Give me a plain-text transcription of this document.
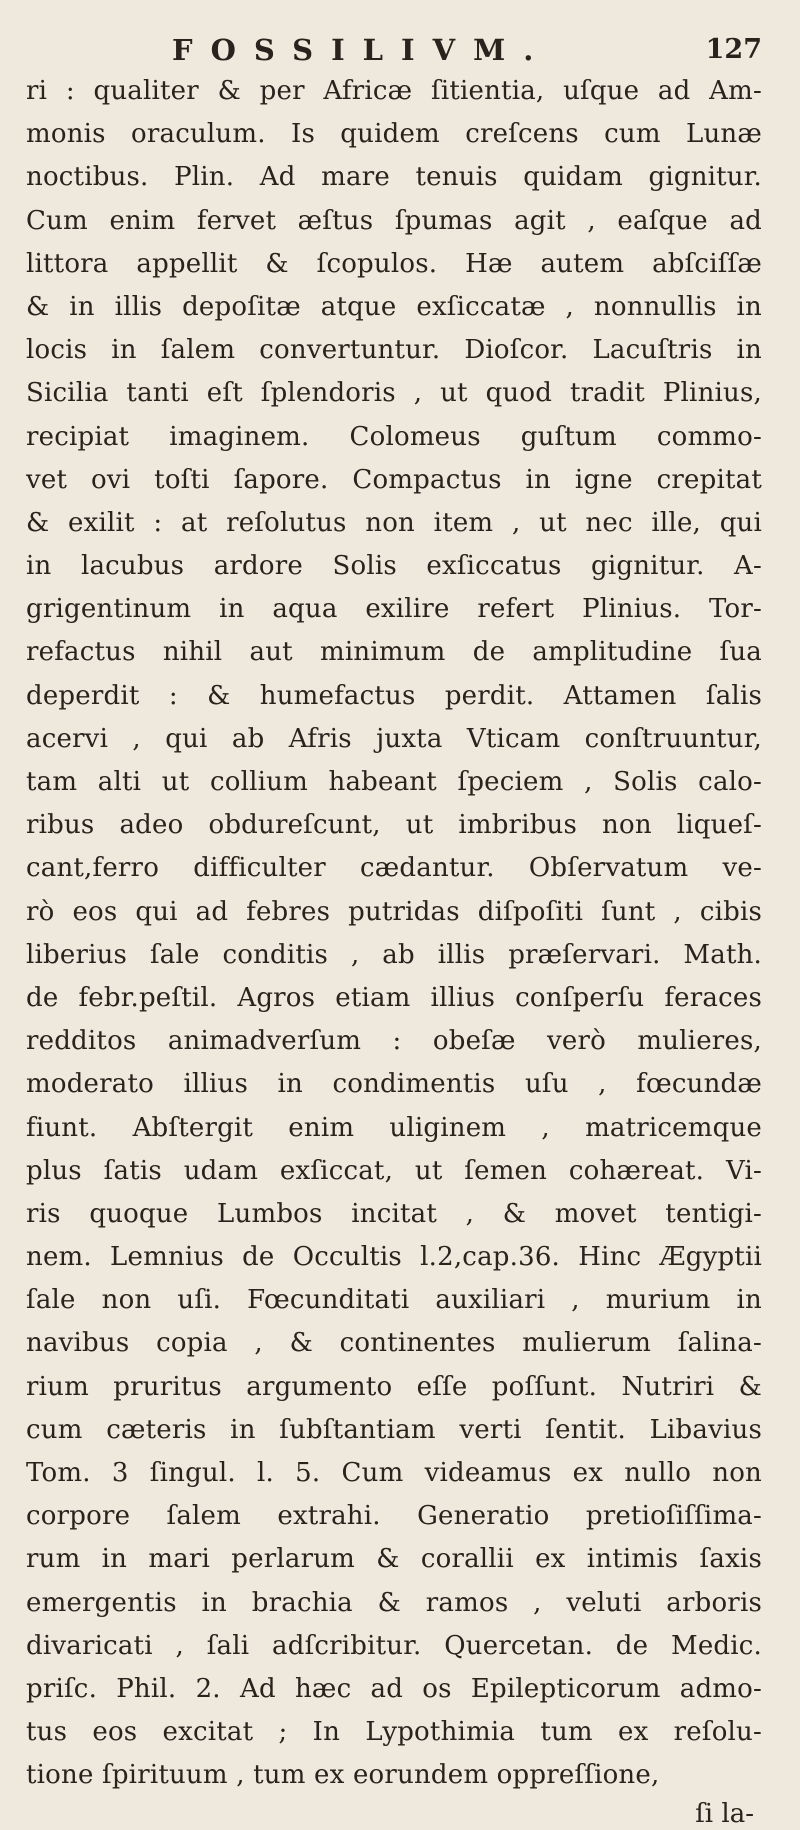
FOSSILIVM.	127
ri : qualiter & per Africæ ſitientia, uſque ad Am-
monis oraculum. Is quidem creſcens cum Lunæ
noctibus. Plin. Ad mare tenuis quidam gignitur.
Cum enim fervet æſtus ſpumas agit , eaſque ad
littora appellit & ſcopulos. Hæ autem abſciſſæ
& in illis depoſitæ atque exſiccatæ , nonnullis in
locis in ſalem convertuntur. Dioſcor. Lacuſtris in
Sicilia tanti eſt ſplendoris , ut quod tradit Plinius,
recipiat imaginem. Colomeus guſtum commo-
vet ovi toſti ſapore. Compactus in igne crepitat
& exilit : at reſolutus non item , ut nec ille, qui
in lacubus ardore Solis exſiccatus gignitur. A-
grigentinum in aqua exilire refert Plinius. Tor-
refactus nihil aut minimum de amplitudine ſua
deperdit : & humefactus perdit. Attamen ſalis
acervi , qui ab Afris juxta Vticam conſtruuntur,
tam alti ut collium habeant ſpeciem , Solis calo-
ribus adeo obdureſcunt, ut imbribus non liqueſ-
cant,ferro difficulter cædantur. Obſervatum ve-
rò eos qui ad febres putridas diſpoſiti ſunt , cibis
liberius ſale conditis , ab illis præſervari. Math.
de febr.peſtil. Agros etiam illius conſperſu feraces
redditos animadverſum : obeſæ verò mulieres,
moderato illius in condimentis uſu , fœcundæ
fiunt. Abſtergit enim uliginem , matricemque
plus ſatis udam exſiccat, ut ſemen cohæreat. Vi-
ris quoque Lumbos incitat , & movet tentigi-
nem. Lemnius de Occultis l.2,cap.36. Hinc Ægyptii
ſale non uſi. Fœcunditati auxiliari , murium in
navibus copia , & continentes mulierum ſalina-
rium pruritus argumento eſſe poſſunt. Nutriri &
cum cæteris in ſubſtantiam verti ſentit. Libavius
Tom. 3 ſingul. l. 5. Cum videamus ex nullo non
corpore ſalem extrahi. Generatio pretioſiſſima-
rum in mari perlarum & corallii ex intimis ſaxis
emergentis in brachia & ramos , veluti arboris
divaricati , ſali adſcribitur. Quercetan. de Medic.
priſc. Phil. 2. Ad hæc ad os Epilepticorum admo-
tus eos excitat ; In Lypothimia tum ex reſolu-
tione ſpirituum , tum ex eorundem oppreſſione,
ſi la-
